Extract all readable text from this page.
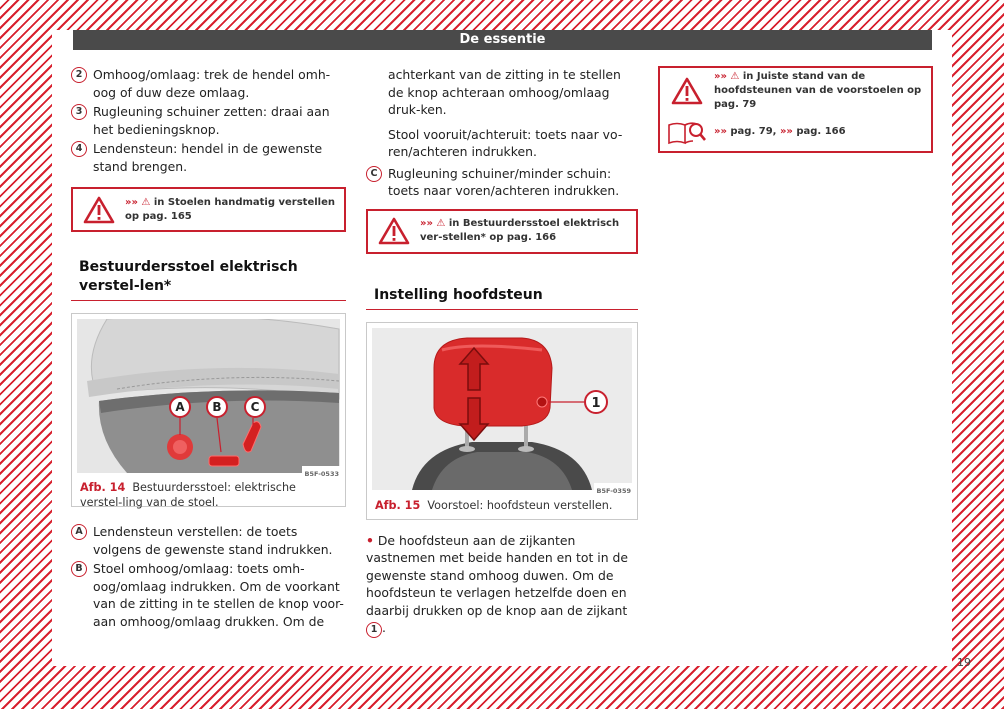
De essentie
2 Omhoog/omlaag: trek de hendel omh-oog of duw deze omlaag.
3 Rugleuning schuiner zetten: draai aan het bedieningsknop.
4 Lendensteun: hendel in de gewenste stand brengen.
»» ⚠ in Stoelen handmatig verstellen op pag. 165
Bestuurdersstoel elektrisch verstel-len*
A B C
B5F-0533
Afb. 14 Bestuurdersstoel: elektrische verstel-ling van de stoel.
A Lendensteun verstellen: de toets volgens de gewenste stand indrukken.
B Stoel omhoog/omlaag: toets omh-oog/omlaag indrukken. Om de voorkant van de zitting in te stellen de knop voor-aan omhoog/omlaag drukken. Om de
achterkant van de zitting in te stellen de knop achteraan omhoog/omlaag druk-ken.
Stool vooruit/achteruit: toets naar vo-ren/achteren indrukken.
C Rugleuning schuiner/minder schuin: toets naar voren/achteren indrukken.
»» ⚠ in Bestuurdersstoel elektrisch ver-stellen* op pag. 166
Instelling hoofdsteun
1
B5F-0359
Afb. 15 Voorstoel: hoofdsteun verstellen.
• De hoofdsteun aan de zijkanten vastnemen met beide handen en tot in de gewenste stand omhoog duwen. Om de hoofdsteun te verlagen hetzelfde doen en daarbij drukken op de knop aan de zijkant 1 .
»» ⚠ in Juiste stand van de hoofdsteunen van de voorstoelen op pag. 79
»» pag. 79, »» pag. 166
19
